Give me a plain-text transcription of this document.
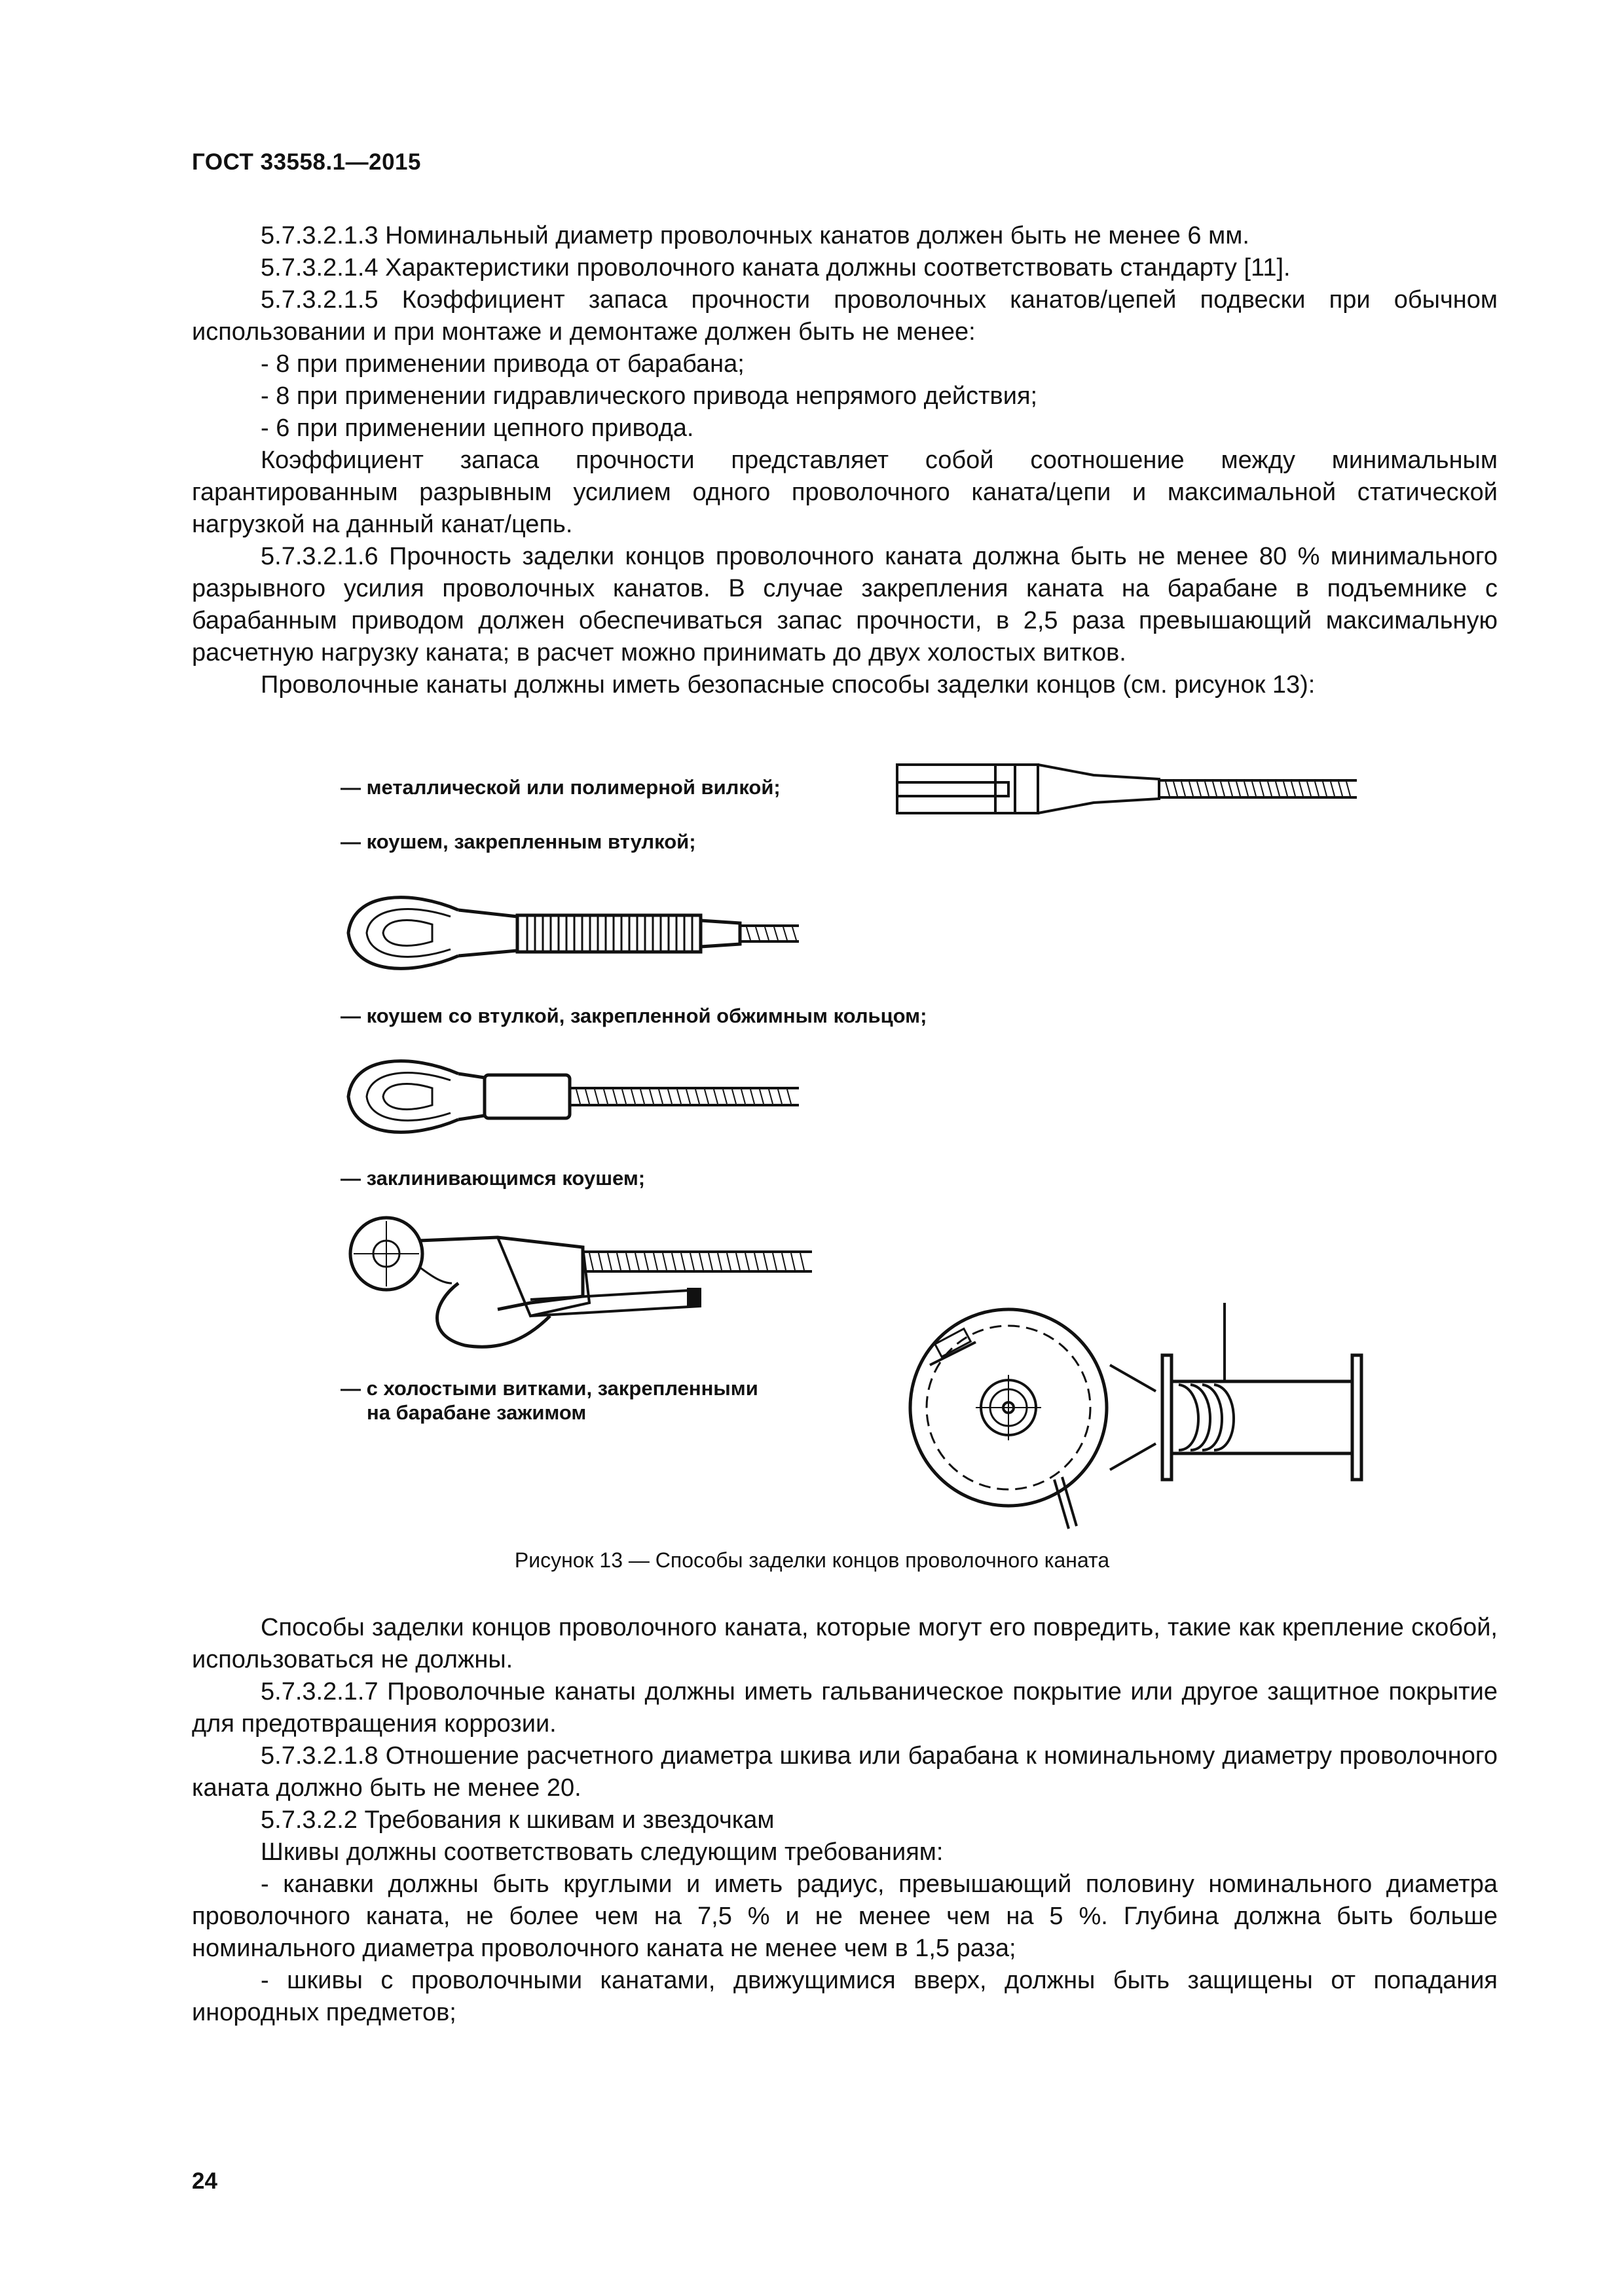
ГОСТ 33558.1—2015

5.7.3.2.1.3 Номинальный диаметр проволочных канатов должен быть не менее 6 мм.

5.7.3.2.1.4 Характеристики проволочного каната должны соответствовать стандарту [11].

5.7.3.2.1.5 Коэффициент запаса прочности проволочных канатов/цепей подвески при обычном использовании и при монтаже и демонтаже должен быть не менее:

- 8 при применении привода от барабана;

- 8 при применении гидравлического привода непрямого действия;

- 6 при применении цепного привода.

Коэффициент запаса прочности представляет собой соотношение между минимальным гарантированным разрывным усилием одного проволочного каната/цепи и максимальной статической нагрузкой на данный канат/цепь.

5.7.3.2.1.6 Прочность заделки концов проволочного каната должна быть не менее 80 % минимального разрывного усилия проволочных канатов. В случае закрепления каната на барабане в подъемнике с барабанным приводом должен обеспечиваться запас прочности, в 2,5 раза превышающий максимальную расчетную нагрузку каната; в расчет можно принимать до двух холостых витков.

Проволочные канаты должны иметь безопасные способы заделки концов (см. рисунок 13):

— металлической или полимерной вилкой;
— коушем, закрепленным втулкой;
— коушем со втулкой, закрепленной обжимным кольцом;
— заклинивающимся коушем;
— с холостыми витками, закрепленными
на барабане зажимом
Рисунок 13 — Способы заделки концов проволочного каната

Способы заделки концов проволочного каната, которые могут его повредить, такие как крепление скобой, использоваться не должны.

5.7.3.2.1.7 Проволочные канаты должны иметь гальваническое покрытие или другое защитное покрытие для предотвращения коррозии.

5.7.3.2.1.8 Отношение расчетного диаметра шкива или барабана к номинальному диаметру проволочного каната должно быть не менее 20.

5.7.3.2.2 Требования к шкивам и звездочкам

Шкивы должны соответствовать следующим требованиям:

- канавки должны быть круглыми и иметь радиус, превышающий половину номинального диаметра проволочного каната, не более чем на 7,5 % и не менее чем на 5 %. Глубина должна быть больше номинального диаметра проволочного каната не менее чем в 1,5 раза;

- шкивы с проволочными канатами, движущимися вверх, должны быть защищены от попадания инородных предметов;

24
